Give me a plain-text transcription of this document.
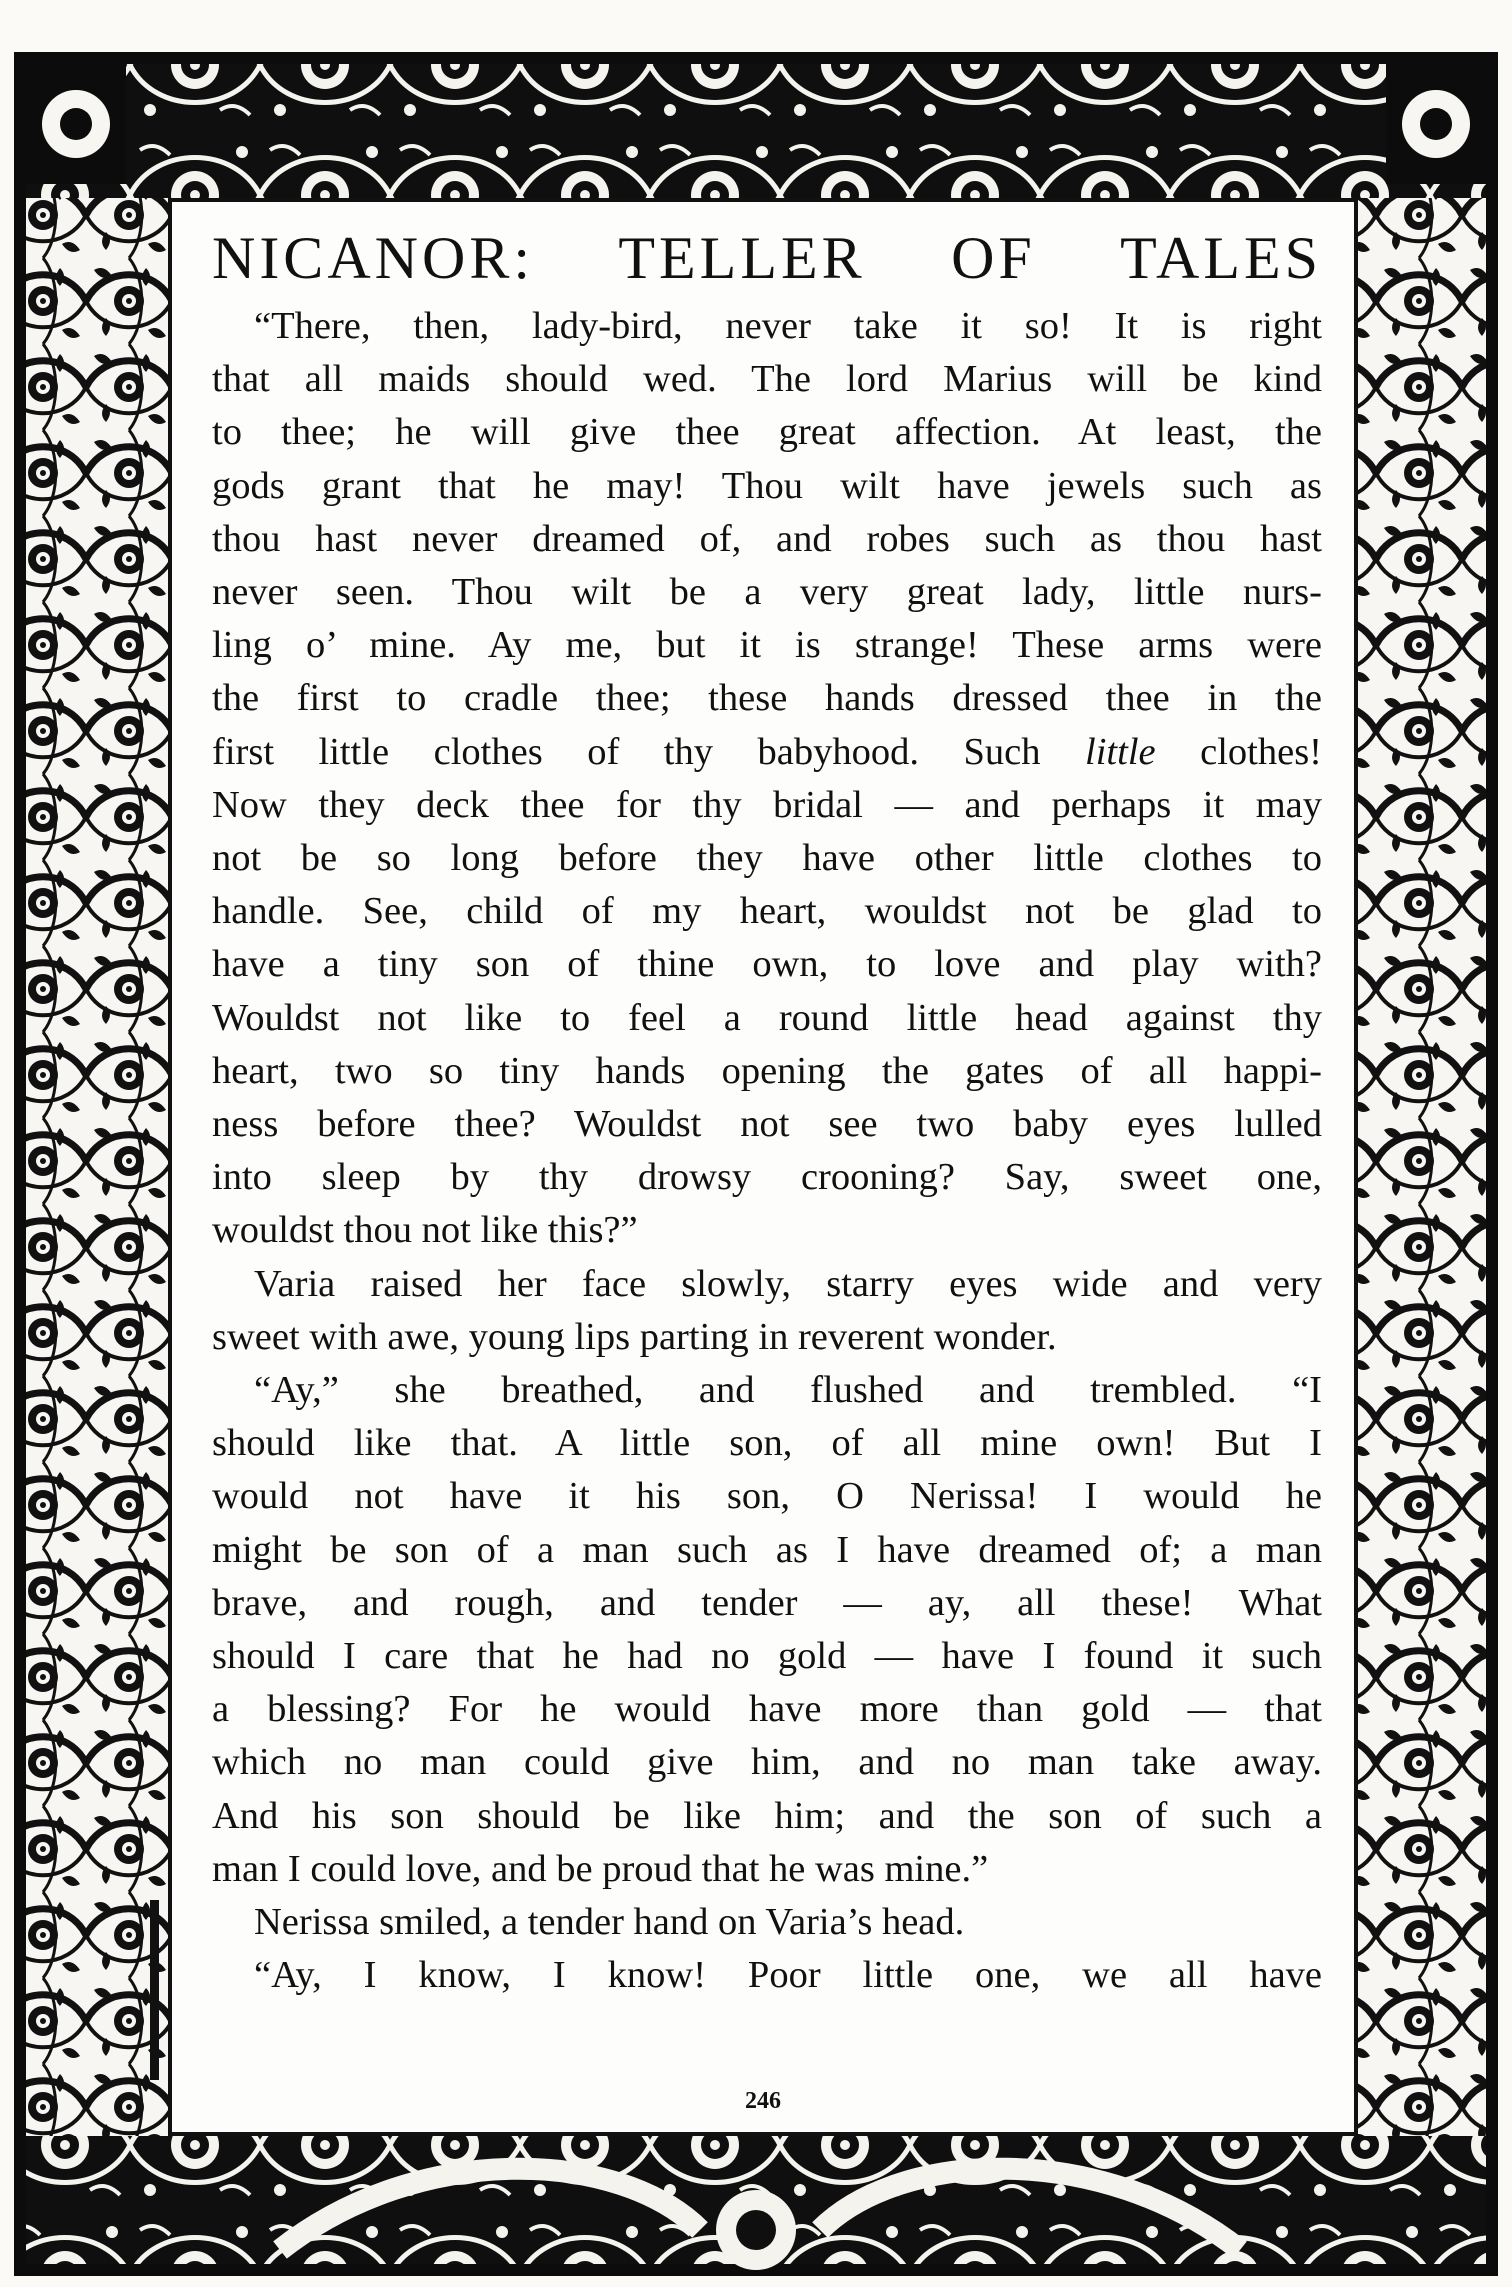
NICANOR: TELLER OF TALES
“There, then, lady-bird, never take it so! It is right
that all maids should wed. The lord Marius will be kind
to thee; he will give thee great affection. At least, the
gods grant that he may! Thou wilt have jewels such as
thou hast never dreamed of, and robes such as thou hast
never seen. Thou wilt be a very great lady, little nurs-
ling o’ mine. Ay me, but it is strange! These arms were
the first to cradle thee; these hands dressed thee in the
first little clothes of thy babyhood. Such little clothes!
Now they deck thee for thy bridal — and perhaps it may
not be so long before they have other little clothes to
handle. See, child of my heart, wouldst not be glad to
have a tiny son of thine own, to love and play with?
Wouldst not like to feel a round little head against thy
heart, two so tiny hands opening the gates of all happi-
ness before thee? Wouldst not see two baby eyes lulled
into sleep by thy drowsy crooning? Say, sweet one,
wouldst thou not like this?”
Varia raised her face slowly, starry eyes wide and very
sweet with awe, young lips parting in reverent wonder.
“Ay,” she breathed, and flushed and trembled. “I
should like that. A little son, of all mine own! But I
would not have it his son, O Nerissa! I would he
might be son of a man such as I have dreamed of; a man
brave, and rough, and tender — ay, all these! What
should I care that he had no gold — have I found it such
a blessing? For he would have more than gold — that
which no man could give him, and no man take away.
And his son should be like him; and the son of such a
man I could love, and be proud that he was mine.”
Nerissa smiled, a tender hand on Varia’s head.
“Ay, I know, I know! Poor little one, we all have
246
